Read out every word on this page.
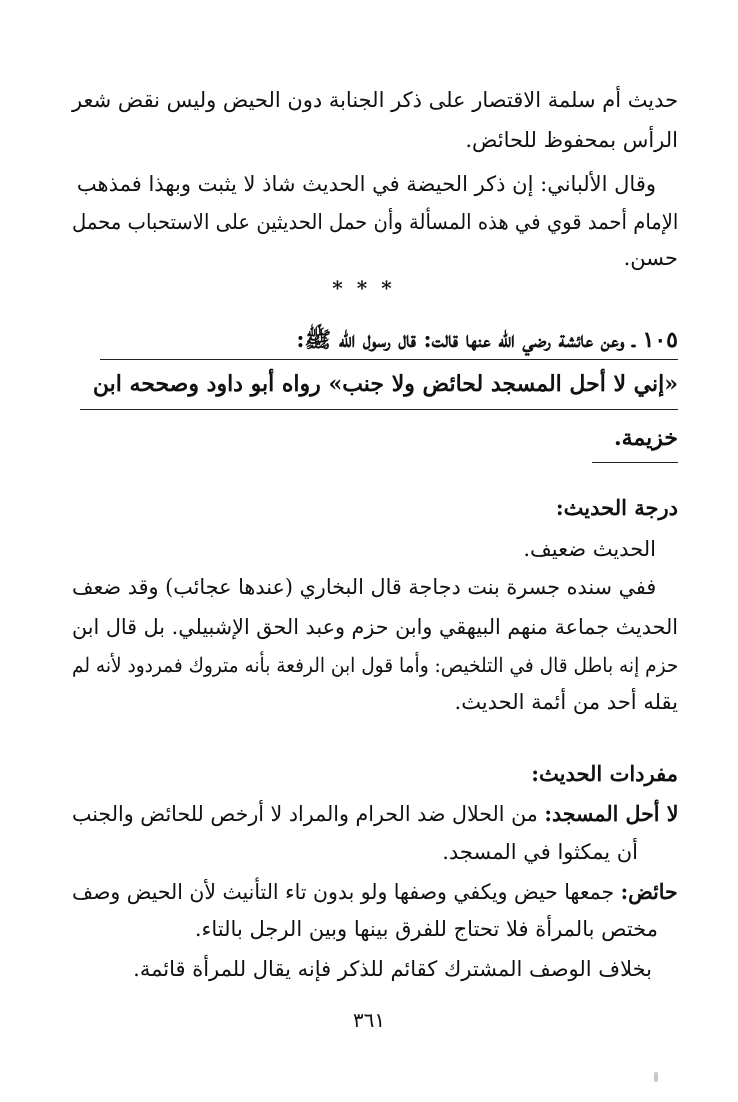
حديث أم سلمة الاقتصار على ذكر الجنابة دون الحيض وليس نقض شعر
الرأس بمحفوظ للحائض.
وقال الألباني: إن ذكر الحيضة في الحديث شاذ لا يثبت وبهذا فمذهب
الإمام أحمد قوي في هذه المسألة وأن حمل الحديثين على الاستحباب محمل
حسن.
***
١٠٥ ـ وعن عائشة رضي الله عنها قالت: قال رسول الله ﷺ:
«إني لا أحل المسجد لحائض ولا جنب» رواه أبو داود وصححه ابن
خزيمة.
درجة الحديث:
الحديث ضعيف.
ففي سنده جسرة بنت دجاجة قال البخاري (عندها عجائب) وقد ضعف
الحديث جماعة منهم البيهقي وابن حزم وعبد الحق الإشبيلي. بل قال ابن
حزم إنه باطل قال في التلخيص: وأما قول ابن الرفعة بأنه متروك فمردود لأنه لم
يقله أحد من أئمة الحديث.
مفردات الحديث:
لا أحل المسجد: من الحلال ضد الحرام والمراد لا أرخص للحائض والجنب
أن يمكثوا في المسجد.
حائض: جمعها حيض ويكفي وصفها ولو بدون تاء التأنيث لأن الحيض وصف
مختص بالمرأة فلا تحتاج للفرق بينها وبين الرجل بالتاء.
بخلاف الوصف المشترك كقائم للذكر فإنه يقال للمرأة قائمة.
٣٦١
